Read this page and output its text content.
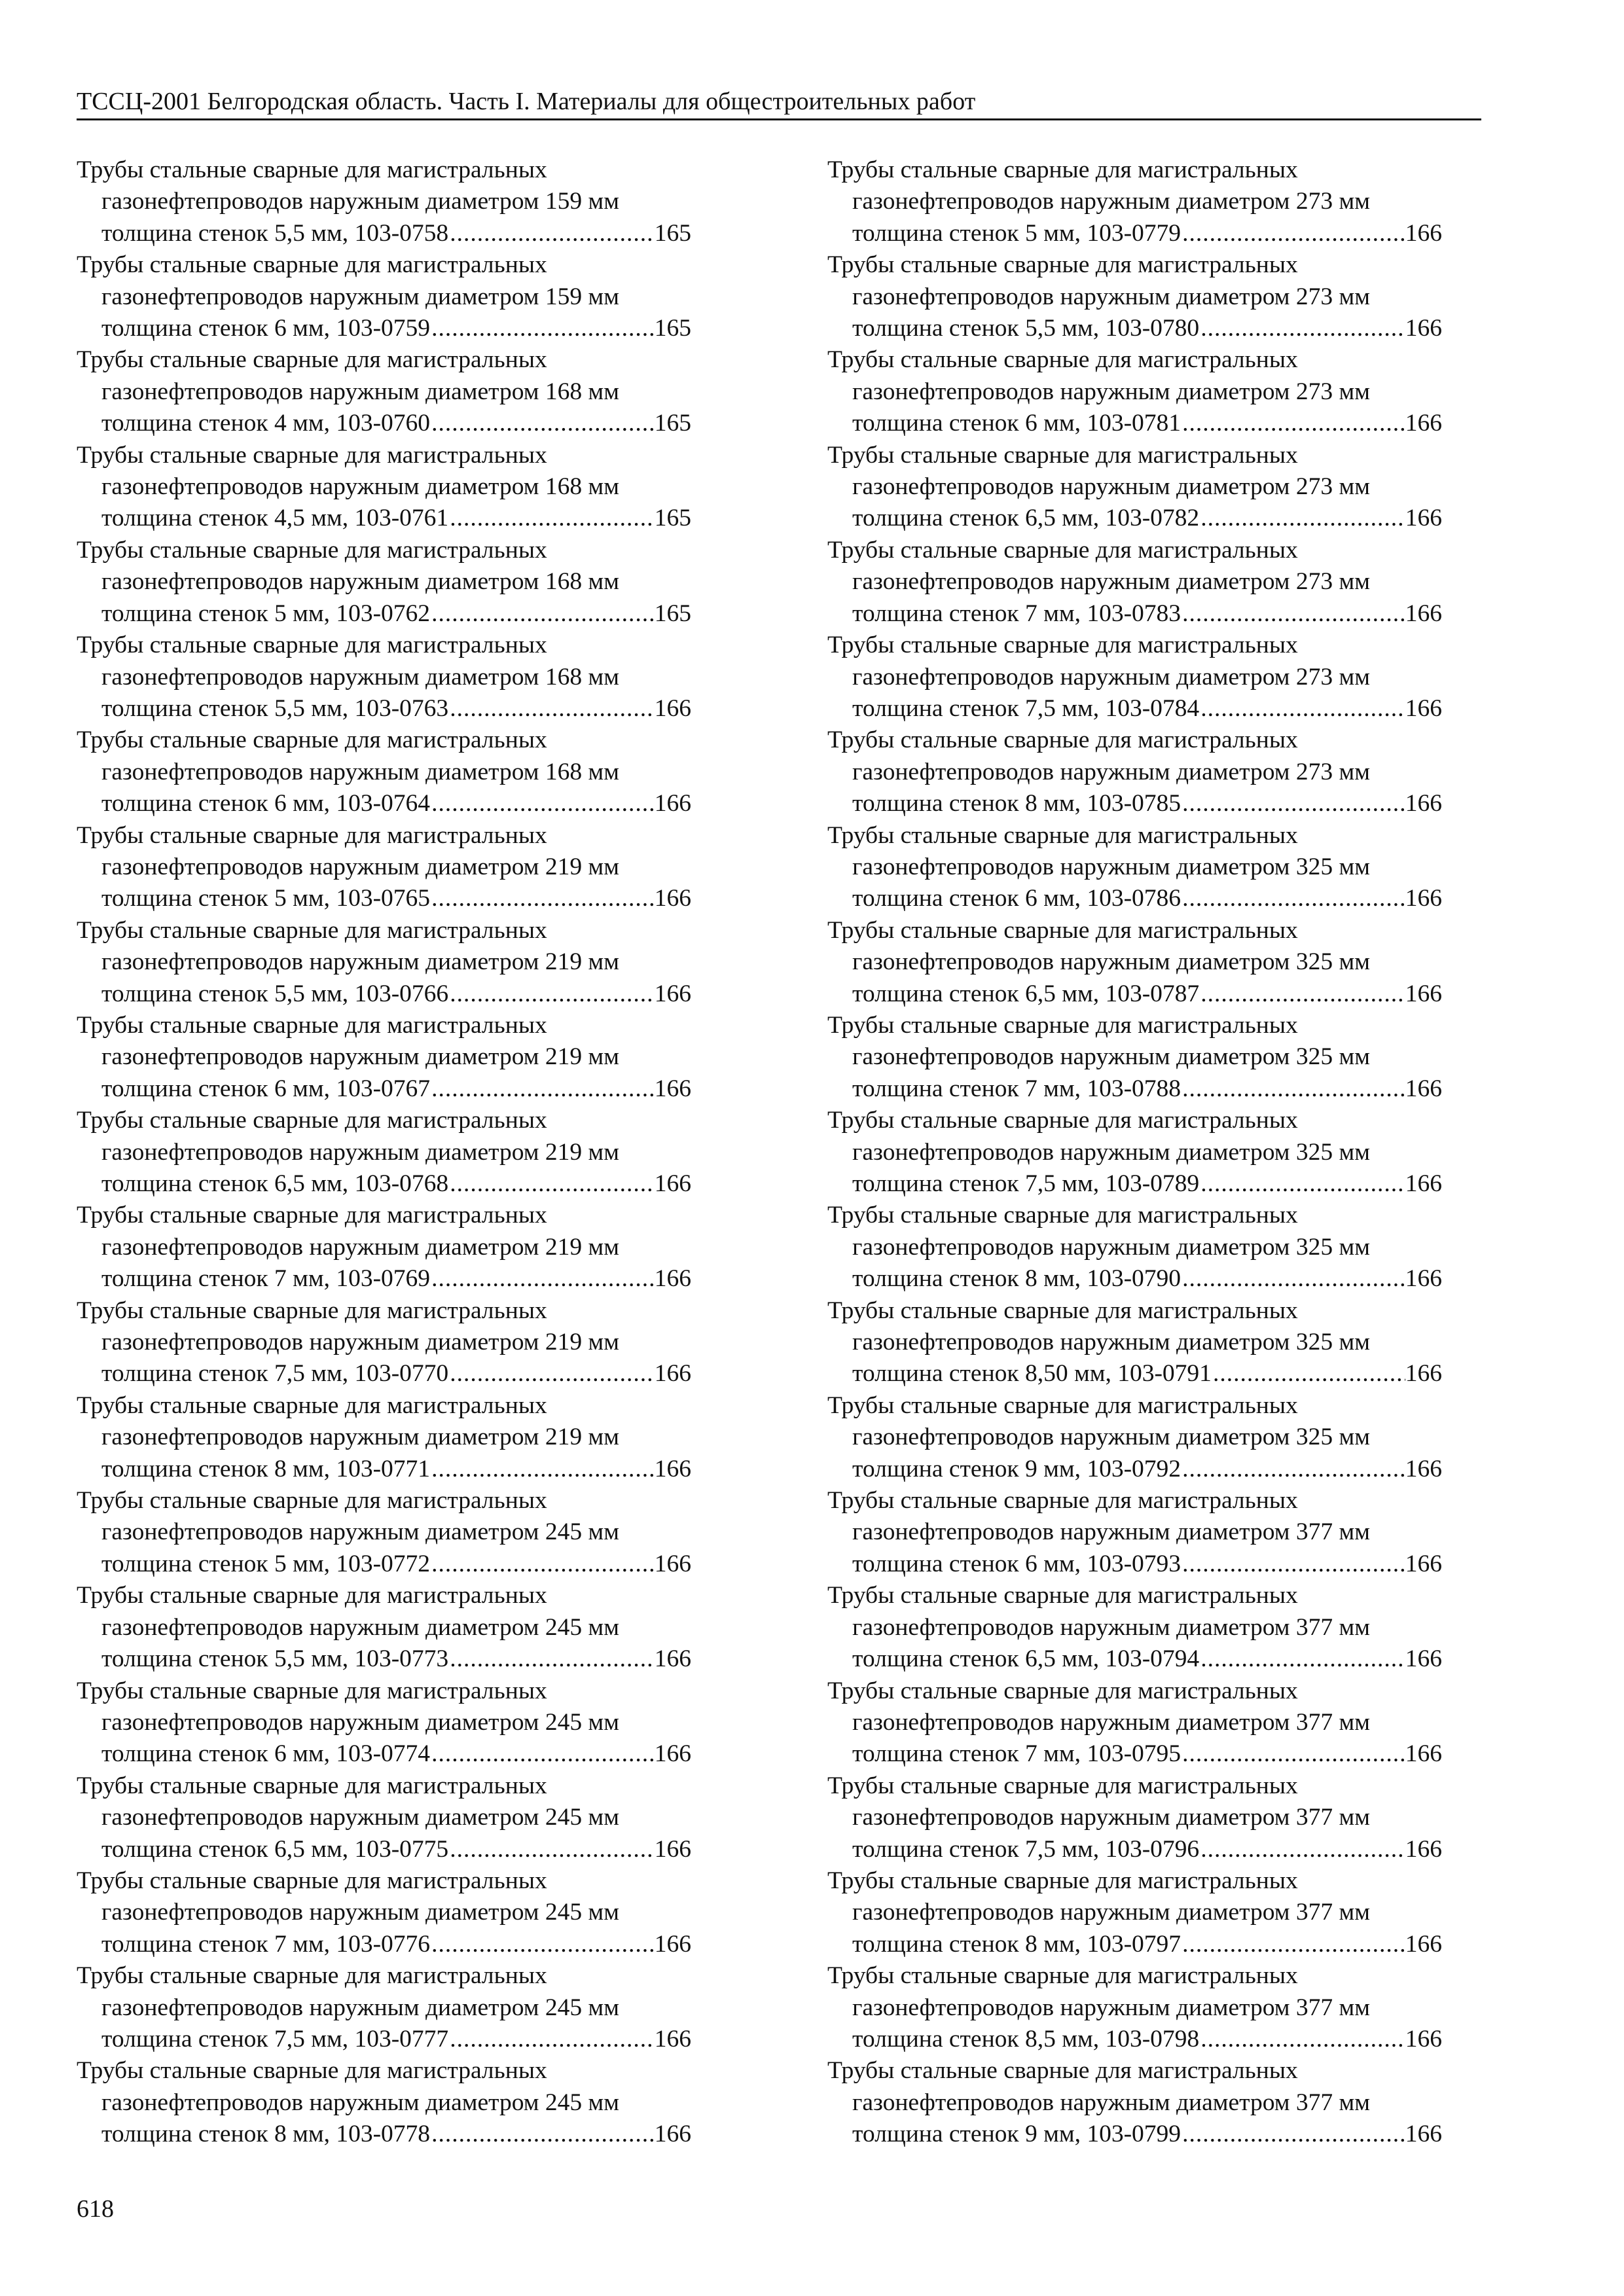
ТССЦ-2001 Белгородская область. Часть I. Материалы для общестроительных работ
Трубы стальные сварные для магистральных
газонефтепроводов наружным диаметром 159 мм
толщина стенок 5,5 мм, 103-0758 .....	165
Трубы стальные сварные для магистральных
газонефтепроводов наружным диаметром 159 мм
толщина стенок 6 мм, 103-0759 .....	165
Трубы стальные сварные для магистральных
газонефтепроводов наружным диаметром 168 мм
толщина стенок 4 мм, 103-0760 .....	165
Трубы стальные сварные для магистральных
газонефтепроводов наружным диаметром 168 мм
толщина стенок 4,5 мм, 103-0761 .....	165
Трубы стальные сварные для магистральных
газонефтепроводов наружным диаметром 168 мм
толщина стенок 5 мм, 103-0762 .....	165
Трубы стальные сварные для магистральных
газонефтепроводов наружным диаметром 168 мм
толщина стенок 5,5 мм, 103-0763 .....	166
Трубы стальные сварные для магистральных
газонефтепроводов наружным диаметром 168 мм
толщина стенок 6 мм, 103-0764 .....	166
Трубы стальные сварные для магистральных
газонефтепроводов наружным диаметром 219 мм
толщина стенок 5 мм, 103-0765 .....	166
Трубы стальные сварные для магистральных
газонефтепроводов наружным диаметром 219 мм
толщина стенок 5,5 мм, 103-0766 .....	166
Трубы стальные сварные для магистральных
газонефтепроводов наружным диаметром 219 мм
толщина стенок 6 мм, 103-0767 .....	166
Трубы стальные сварные для магистральных
газонефтепроводов наружным диаметром 219 мм
толщина стенок 6,5 мм, 103-0768 .....	166
Трубы стальные сварные для магистральных
газонефтепроводов наружным диаметром 219 мм
толщина стенок 7 мм, 103-0769 .....	166
Трубы стальные сварные для магистральных
газонефтепроводов наружным диаметром 219 мм
толщина стенок 7,5 мм, 103-0770 .....	166
Трубы стальные сварные для магистральных
газонефтепроводов наружным диаметром 219 мм
толщина стенок 8 мм, 103-0771 .....	166
Трубы стальные сварные для магистральных
газонефтепроводов наружным диаметром 245 мм
толщина стенок 5 мм, 103-0772 .....	166
Трубы стальные сварные для магистральных
газонефтепроводов наружным диаметром 245 мм
толщина стенок 5,5 мм, 103-0773 .....	166
Трубы стальные сварные для магистральных
газонефтепроводов наружным диаметром 245 мм
толщина стенок 6 мм, 103-0774 .....	166
Трубы стальные сварные для магистральных
газонефтепроводов наружным диаметром 245 мм
толщина стенок 6,5 мм, 103-0775 .....	166
Трубы стальные сварные для магистральных
газонефтепроводов наружным диаметром 245 мм
толщина стенок 7 мм, 103-0776 .....	166
Трубы стальные сварные для магистральных
газонефтепроводов наружным диаметром 245 мм
толщина стенок 7,5 мм, 103-0777 .....	166
Трубы стальные сварные для магистральных
газонефтепроводов наружным диаметром 245 мм
толщина стенок 8 мм, 103-0778 .....	166
Трубы стальные сварные для магистральных
газонефтепроводов наружным диаметром 273 мм
толщина стенок 5 мм, 103-0779 .....	166
Трубы стальные сварные для магистральных
газонефтепроводов наружным диаметром 273 мм
толщина стенок 5,5 мм, 103-0780 .....	166
Трубы стальные сварные для магистральных
газонефтепроводов наружным диаметром 273 мм
толщина стенок 6 мм, 103-0781 .....	166
Трубы стальные сварные для магистральных
газонефтепроводов наружным диаметром 273 мм
толщина стенок 6,5 мм, 103-0782 .....	166
Трубы стальные сварные для магистральных
газонефтепроводов наружным диаметром 273 мм
толщина стенок 7 мм, 103-0783 .....	166
Трубы стальные сварные для магистральных
газонефтепроводов наружным диаметром 273 мм
толщина стенок 7,5 мм, 103-0784 .....	166
Трубы стальные сварные для магистральных
газонефтепроводов наружным диаметром 273 мм
толщина стенок 8 мм, 103-0785 .....	166
Трубы стальные сварные для магистральных
газонефтепроводов наружным диаметром 325 мм
толщина стенок 6 мм, 103-0786 .....	166
Трубы стальные сварные для магистральных
газонефтепроводов наружным диаметром 325 мм
толщина стенок 6,5 мм, 103-0787 .....	166
Трубы стальные сварные для магистральных
газонефтепроводов наружным диаметром 325 мм
толщина стенок 7 мм, 103-0788 .....	166
Трубы стальные сварные для магистральных
газонефтепроводов наружным диаметром 325 мм
толщина стенок 7,5 мм, 103-0789 .....	166
Трубы стальные сварные для магистральных
газонефтепроводов наружным диаметром 325 мм
толщина стенок 8 мм, 103-0790 .....	166
Трубы стальные сварные для магистральных
газонефтепроводов наружным диаметром 325 мм
толщина стенок 8,50 мм, 103-0791 .....	166
Трубы стальные сварные для магистральных
газонефтепроводов наружным диаметром 325 мм
толщина стенок 9 мм, 103-0792 .....	166
Трубы стальные сварные для магистральных
газонефтепроводов наружным диаметром 377 мм
толщина стенок 6 мм, 103-0793 .....	166
Трубы стальные сварные для магистральных
газонефтепроводов наружным диаметром 377 мм
толщина стенок 6,5 мм, 103-0794 .....	166
Трубы стальные сварные для магистральных
газонефтепроводов наружным диаметром 377 мм
толщина стенок 7 мм, 103-0795 .....	166
Трубы стальные сварные для магистральных
газонефтепроводов наружным диаметром 377 мм
толщина стенок 7,5 мм, 103-0796 .....	166
Трубы стальные сварные для магистральных
газонефтепроводов наружным диаметром 377 мм
толщина стенок 8 мм, 103-0797 .....	166
Трубы стальные сварные для магистральных
газонефтепроводов наружным диаметром 377 мм
толщина стенок 8,5 мм, 103-0798 .....	166
Трубы стальные сварные для магистральных
газонефтепроводов наружным диаметром 377 мм
толщина стенок 9 мм, 103-0799 .....	166
618
